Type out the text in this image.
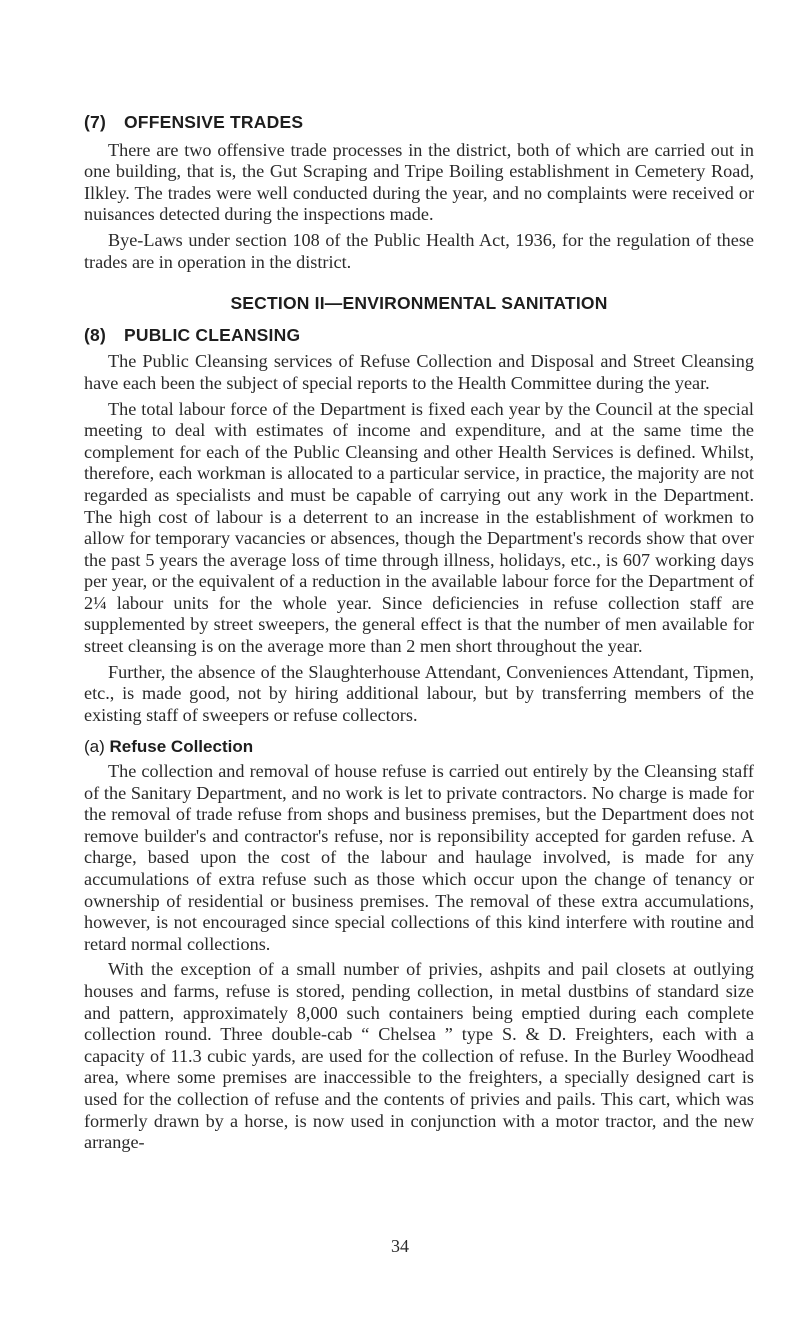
(7) OFFENSIVE TRADES

There are two offensive trade processes in the district, both of which are carried out in one building, that is, the Gut Scraping and Tripe Boiling establishment in Cemetery Road, Ilkley. The trades were well conducted during the year, and no complaints were received or nuisances detected during the inspections made.

Bye-Laws under section 108 of the Public Health Act, 1936, for the regulation of these trades are in operation in the district.

SECTION II—ENVIRONMENTAL SANITATION
(8) PUBLIC CLEANSING

The Public Cleansing services of Refuse Collection and Disposal and Street Cleansing have each been the subject of special reports to the Health Committee during the year.

The total labour force of the Department is fixed each year by the Council at the special meeting to deal with estimates of income and expenditure, and at the same time the complement for each of the Public Cleansing and other Health Services is defined. Whilst, therefore, each workman is allocated to a particular service, in practice, the majority are not regarded as specialists and must be capable of carrying out any work in the Department. The high cost of labour is a deterrent to an increase in the establishment of workmen to allow for temporary vacancies or absences, though the Department's records show that over the past 5 years the average loss of time through illness, holidays, etc., is 607 working days per year, or the equivalent of a reduction in the available labour force for the Department of 2¼ labour units for the whole year. Since deficiencies in refuse collection staff are supplemented by street sweepers, the general effect is that the number of men available for street cleansing is on the average more than 2 men short throughout the year.

Further, the absence of the Slaughterhouse Attendant, Conveniences Attendant, Tipmen, etc., is made good, not by hiring additional labour, but by transferring members of the existing staff of sweepers or refuse collectors.

(a) Refuse Collection

The collection and removal of house refuse is carried out entirely by the Cleansing staff of the Sanitary Department, and no work is let to private contractors. No charge is made for the removal of trade refuse from shops and business premises, but the Department does not remove builder's and contractor's refuse, nor is reponsibility accepted for garden refuse. A charge, based upon the cost of the labour and haulage involved, is made for any accumulations of extra refuse such as those which occur upon the change of tenancy or ownership of residential or business premises. The removal of these extra accumulations, however, is not encouraged since special collections of this kind interfere with routine and retard normal collections.

With the exception of a small number of privies, ashpits and pail closets at outlying houses and farms, refuse is stored, pending collection, in metal dustbins of standard size and pattern, approximately 8,000 such containers being emptied during each complete collection round. Three double-cab “ Chelsea ” type S. & D. Freighters, each with a capacity of 11.3 cubic yards, are used for the collection of refuse. In the Burley Woodhead area, where some premises are inaccessible to the freighters, a specially designed cart is used for the collection of refuse and the contents of privies and pails. This cart, which was formerly drawn by a horse, is now used in conjunction with a motor tractor, and the new arrange-

34
